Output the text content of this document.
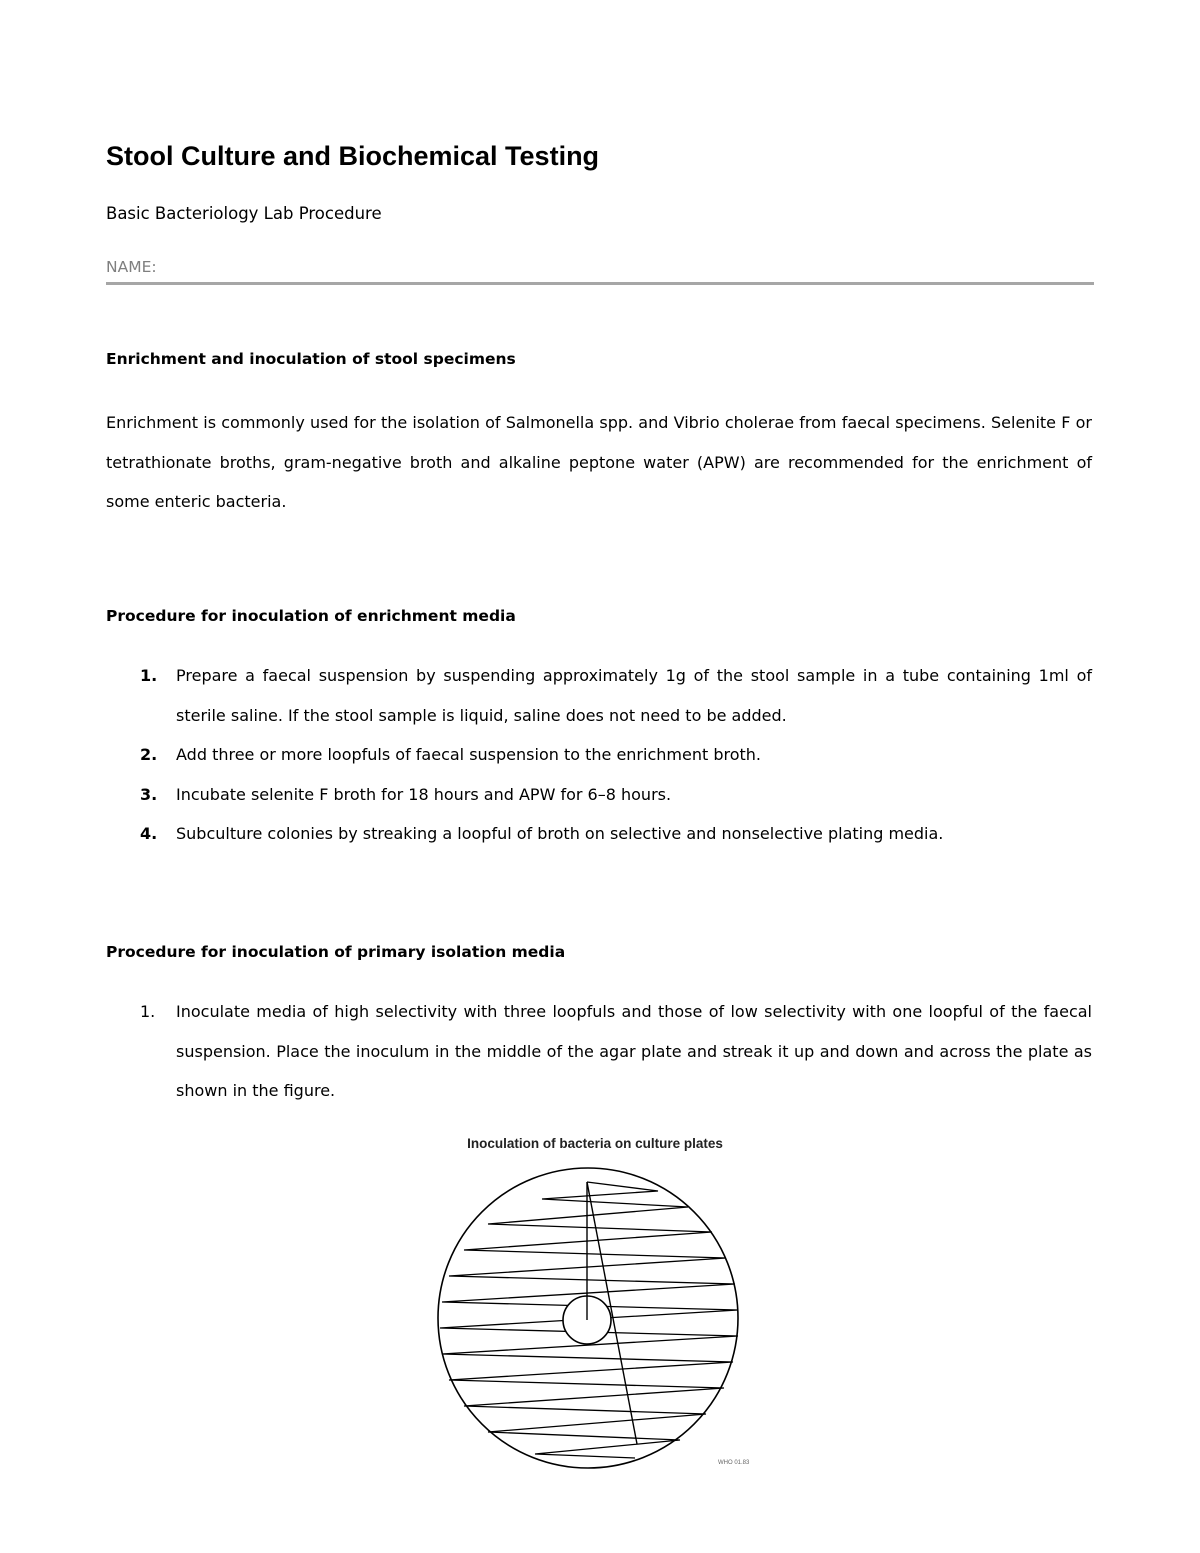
Stool Culture and Biochemical Testing
Basic Bacteriology Lab Procedure
NAME:
Enrichment and inoculation of stool specimens

Enrichment is commonly used for the isolation of Salmonella spp. and Vibrio cholerae from faecal specimens. Selenite F or tetrathionate broths, gram-negative broth and alkaline peptone water (APW) are recommended for the enrichment of some enteric bacteria.

Procedure for inoculation of enrichment media
1.	Prepare a faecal suspension by suspending approximately 1g of the stool sample in a tube containing 1ml of sterile saline. If the stool sample is liquid, saline does not need to be added.
2.	Add three or more loopfuls of faecal suspension to the enrichment broth.
3.	Incubate selenite F broth for 18 hours and APW for 6–8 hours.
4.	Subculture colonies by streaking a loopful of broth on selective and nonselective plating media.
Procedure for inoculation of primary isolation media
1.	Inoculate media of high selectivity with three loopfuls and those of low selectivity with one loopful of the faecal suspension. Place the inoculum in the middle of the agar plate and streak it up and down and across the plate as shown in the figure.
Inoculation of bacteria on culture plates
WHO 01.83
